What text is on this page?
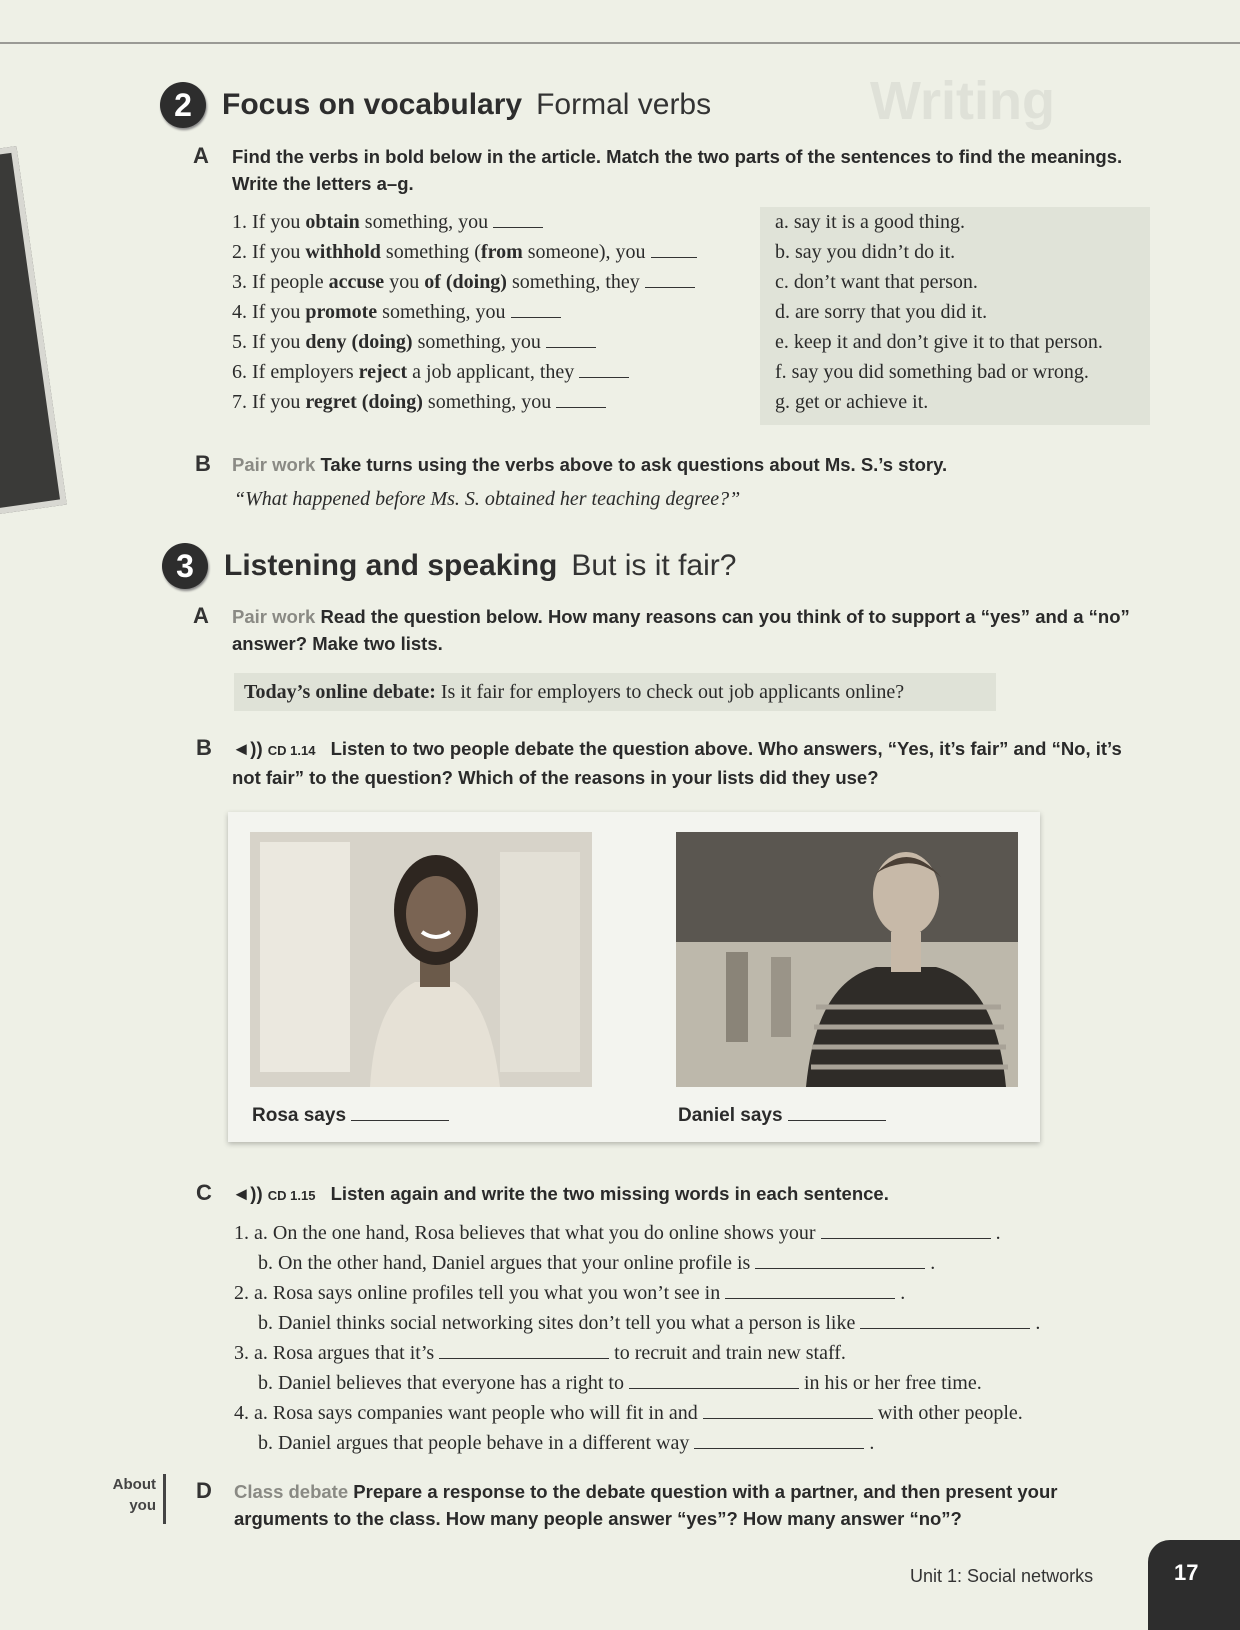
Writing
2	Focus on vocabulary Formal verbs
A Find the verbs in bold below in the article. Match the two parts of the sentences to find the meanings. Write the letters a–g.
1. If you obtain something, you
2. If you withhold something (from someone), you
3. If people accuse you of (doing) something, they
4. If you promote something, you
5. If you deny (doing) something, you
6. If employers reject a job applicant, they
7. If you regret (doing) something, you
a. say it is a good thing.
b. say you didn’t do it.
c. don’t want that person.
d. are sorry that you did it.
e. keep it and don’t give it to that person.
f. say you did something bad or wrong.
g. get or achieve it.
B Pair work Take turns using the verbs above to ask questions about Ms. S.’s story.
“What happened before Ms. S. obtained her teaching degree?”
3	Listening and speaking But is it fair?
A Pair work Read the question below. How many reasons can you think of to support a “yes” and a “no” answer? Make two lists.
Today’s online debate: Is it fair for employers to check out job applicants online?
B ◄)) CD 1.14 Listen to two people debate the question above. Who answers, “Yes, it’s fair” and “No, it’s not fair” to the question? Which of the reasons in your lists did they use?
Rosa says	Daniel says
C ◄)) CD 1.15 Listen again and write the two missing words in each sentence.
1. a. On the one hand, Rosa believes that what you do online shows your	.
b. On the other hand, Daniel argues that your online profile is	.
2. a. Rosa says online profiles tell you what you won’t see in	.
b. Daniel thinks social networking sites don’t tell you what a person is like	.
3. a. Rosa argues that it’s	to recruit and train new staff.
b. Daniel believes that everyone has a right to	in his or her free time.
4. a. Rosa says companies want people who will fit in and	with other people.
b. Daniel argues that people behave in a different way	.
About
you
D Class debate Prepare a response to the debate question with a partner, and then present your arguments to the class. How many people answer “yes”? How many answer “no”?
Unit 1: Social networks	17
